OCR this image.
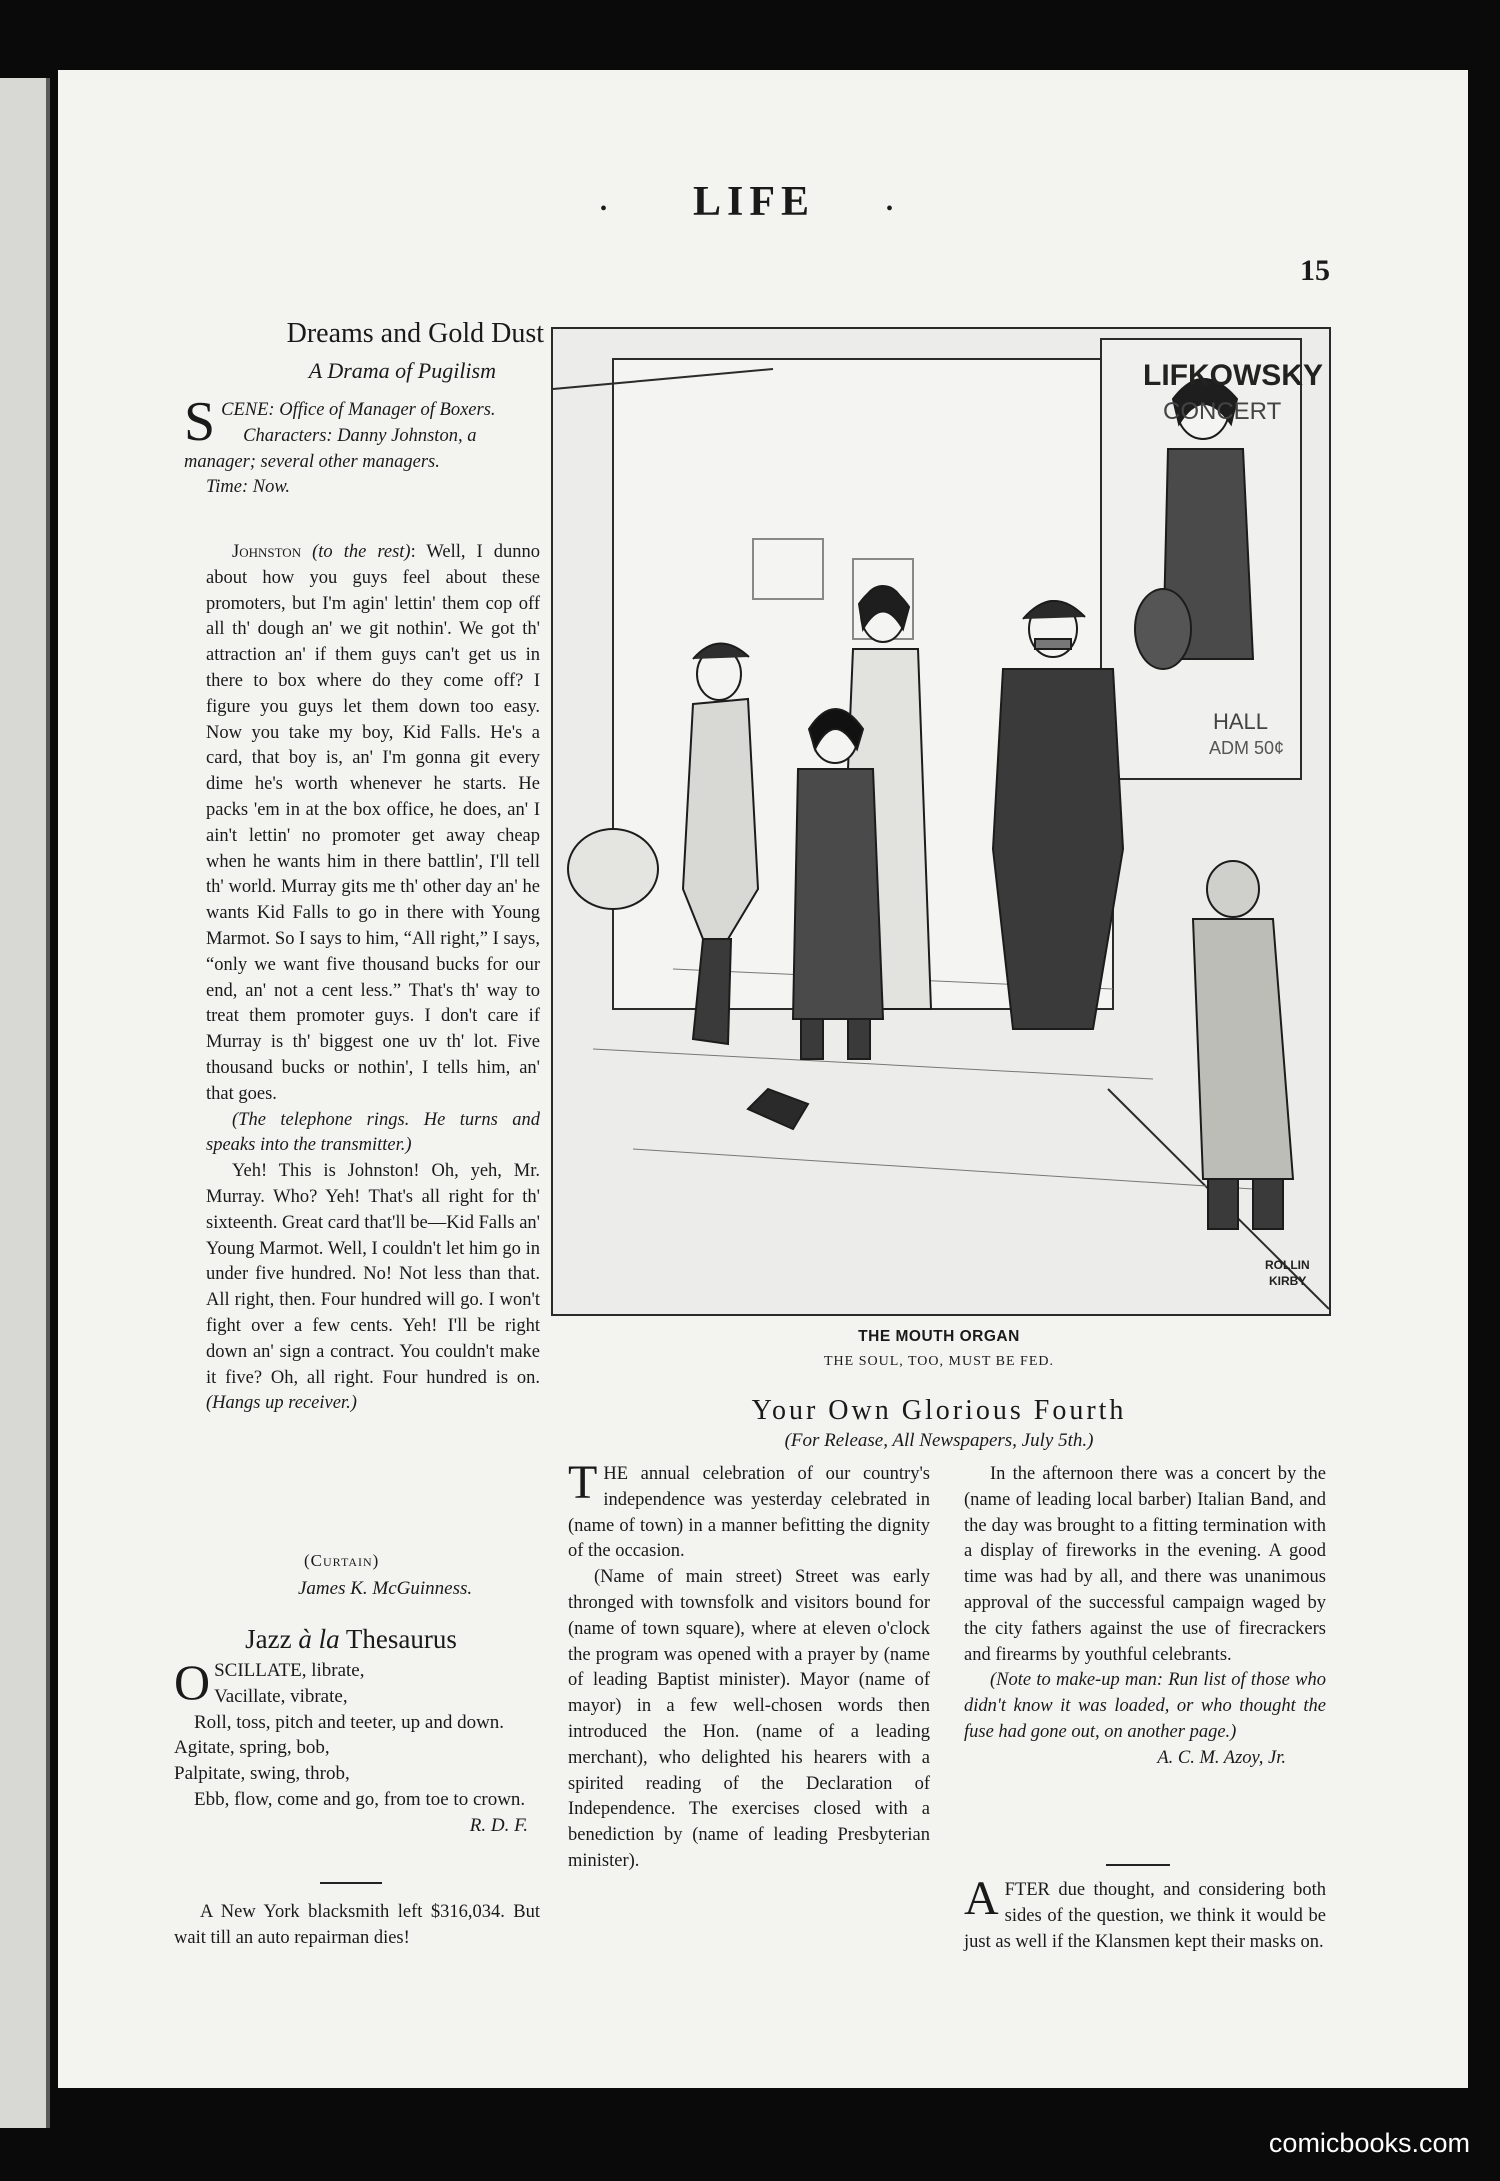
•	LIFE	•
15
Dreams and Gold Dust
A Drama of Pugilism
S CENE: Office of Manager of Boxers.
Characters: Danny Johnston, a manager; several other managers.
Time: Now.

Johnston (to the rest): Well, I dunno about how you guys feel about these promoters, but I'm agin' lettin' them cop off all th' dough an' we git nothin'. We got th' attraction an' if them guys can't get us in there to box where do they come off? I figure you guys let them down too easy. Now you take my boy, Kid Falls. He's a card, that boy is, an' I'm gonna git every dime he's worth whenever he starts. He packs 'em in at the box office, he does, an' I ain't lettin' no promoter get away cheap when he wants him in there battlin', I'll tell th' world. Murray gits me th' other day an' he wants Kid Falls to go in there with Young Marmot. So I says to him, “All right,” I says, “only we want five thousand bucks for our end, an' not a cent less.” That's th' way to treat them promoter guys. I don't care if Murray is th' biggest one uv th' lot. Five thousand bucks or nothin', I tells him, an' that goes.

(The telephone rings. He turns and speaks into the transmitter.)

Yeh! This is Johnston! Oh, yeh, Mr. Murray. Who? Yeh! That's all right for th' sixteenth. Great card that'll be—Kid Falls an' Young Marmot. Well, I couldn't let him go in under five hundred. No! Not less than that. All right, then. Four hundred will go. I won't fight over a few cents. Yeh! I'll be right down an' sign a contract. You couldn't make it five? Oh, all right. Four hundred is on. (Hangs up receiver.)

(Curtain)
James K. McGuinness.
Jazz à la Thesaurus
O SCILLATE, librate,
Vacillate, vibrate,
Roll, toss, pitch and teeter, up and down.
Agitate, spring, bob,
Palpitate, swing, throb,
Ebb, flow, come and go, from toe to crown.
R. D. F.
A New York blacksmith left $316,034. But wait till an auto repairman dies!
LIFKOWSKY
CONCERT
HALL
ADM 50¢
ROLLIN
KIRBY
THE MOUTH ORGAN
THE SOUL, TOO, MUST BE FED.
Your Own Glorious Fourth
(For Release, All Newspapers, July 5th.)

THE annual celebration of our country's independence was yesterday celebrated in (name of town) in a manner befitting the dignity of the occasion.

(Name of main street) Street was early thronged with townsfolk and visitors bound for (name of town square), where at eleven o'clock the program was opened with a prayer by (name of leading Baptist minister). Mayor (name of mayor) in a few well-chosen words then introduced the Hon. (name of a leading merchant), who delighted his hearers with a spirited reading of the Declaration of Independence. The exercises closed with a benediction by (name of leading Presbyterian minister).

In the afternoon there was a concert by the (name of leading local barber) Italian Band, and the day was brought to a fitting termination with a display of fireworks in the evening. A good time was had by all, and there was unanimous approval of the successful campaign waged by the city fathers against the use of firecrackers and firearms by youthful celebrants.

(Note to make-up man: Run list of those who didn't know it was loaded, or who thought the fuse had gone out, on another page.)

A. C. M. Azoy, Jr.

AFTER due thought, and considering both sides of the question, we think it would be just as well if the Klansmen kept their masks on.

comicbooks.com
